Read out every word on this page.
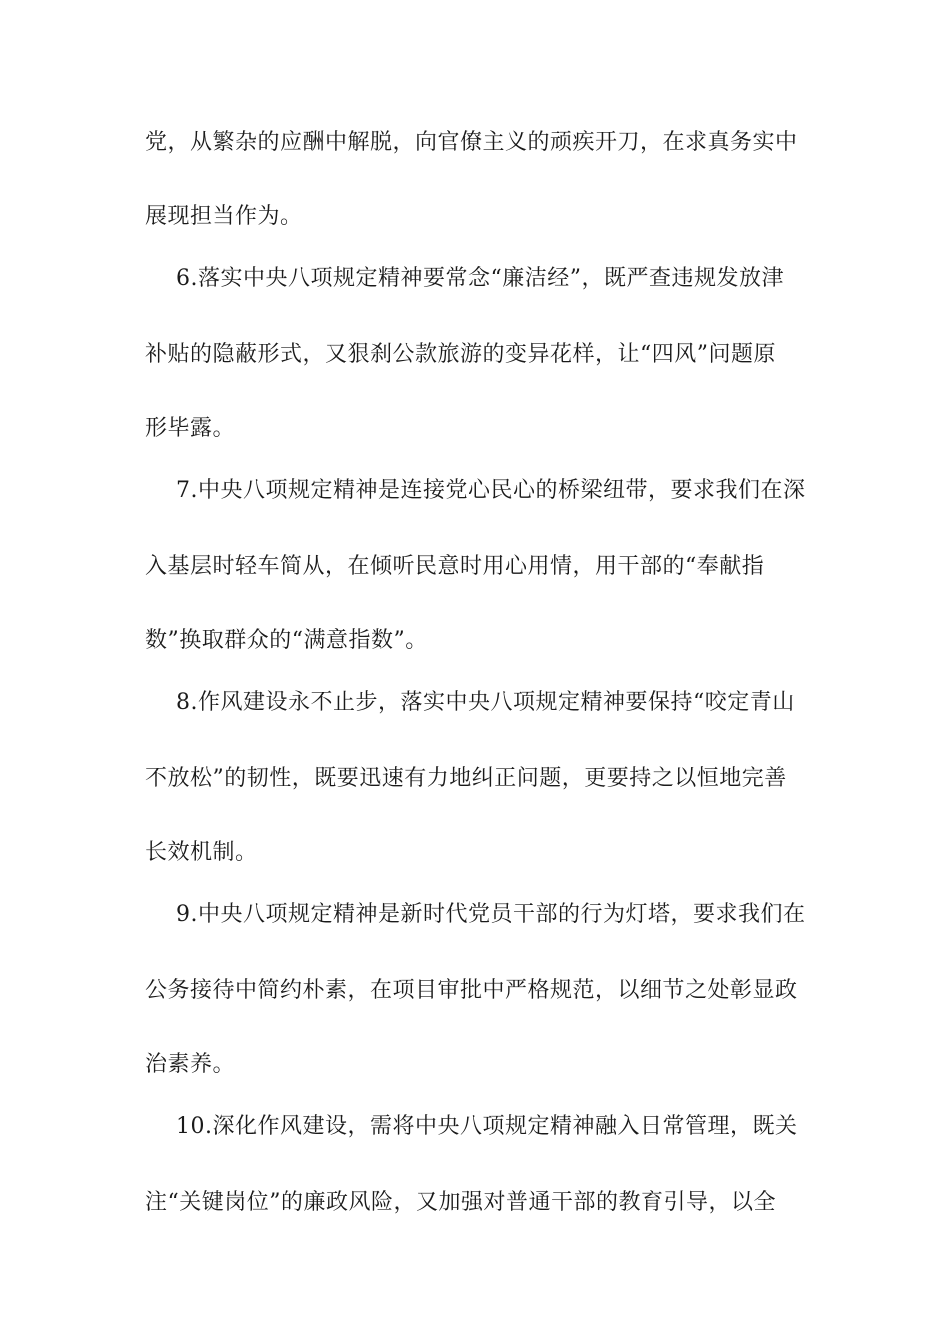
党，从繁杂的应酬中解脱，向官僚主义的顽疾开刀，在求真务实中
展现担当作为。
6.落实中央八项规定精神要常念“廉洁经”，既严查违规发放津
补贴的隐蔽形式，又狠刹公款旅游的变异花样，让“四风”问题原
形毕露。
7.中央八项规定精神是连接党心民心的桥梁纽带，要求我们在深
入基层时轻车简从，在倾听民意时用心用情，用干部的“奉献指
数”换取群众的“满意指数”。
8.作风建设永不止步，落实中央八项规定精神要保持“咬定青山
不放松”的韧性，既要迅速有力地纠正问题，更要持之以恒地完善
长效机制。
9.中央八项规定精神是新时代党员干部的行为灯塔，要求我们在
公务接待中简约朴素，在项目审批中严格规范，以细节之处彰显政
治素养。
10.深化作风建设，需将中央八项规定精神融入日常管理，既关
注“关键岗位”的廉政风险，又加强对普通干部的教育引导，以全
